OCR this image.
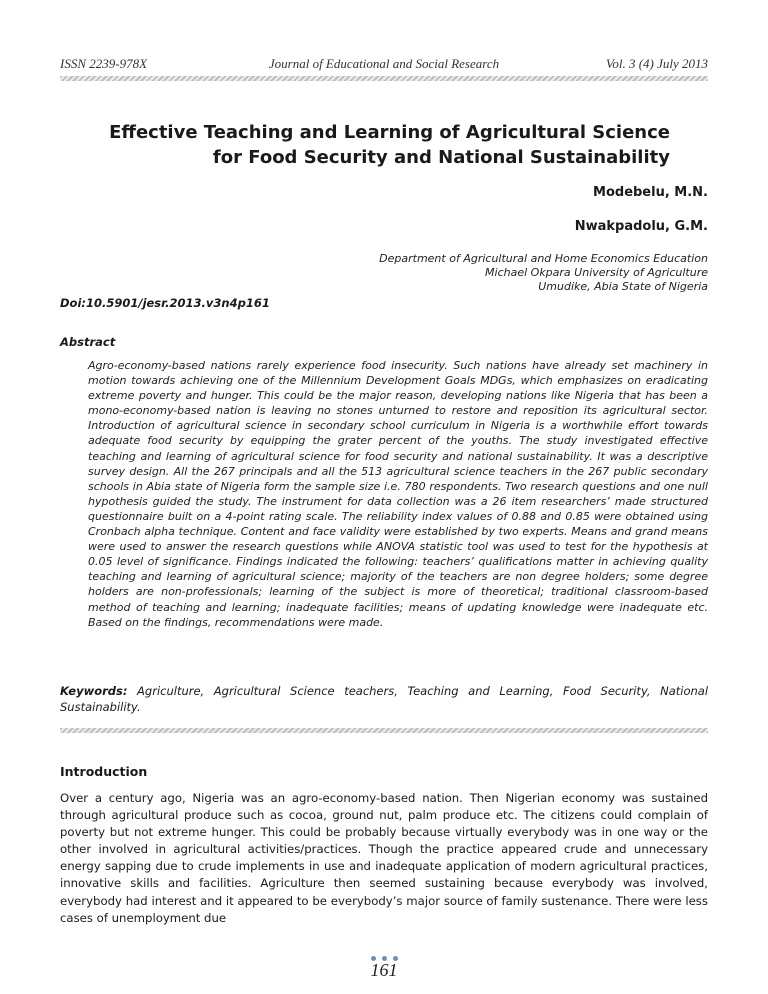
ISSN 2239-978X	Journal of Educational and Social Research	Vol. 3 (4) July 2013
Effective Teaching and Learning of Agricultural Science for Food Security and National Sustainability
Modebelu, M.N.
Nwakpadolu, G.M.
Department of Agricultural and Home Economics Education
Michael Okpara University of Agriculture
Umudike, Abia State of Nigeria
Doi:10.5901/jesr.2013.v3n4p161
Abstract
Agro-economy-based nations rarely experience food insecurity. Such nations have already set machinery in motion towards achieving one of the Millennium Development Goals MDGs, which emphasizes on eradicating extreme poverty and hunger. This could be the major reason, developing nations like Nigeria that has been a mono-economy-based nation is leaving no stones unturned to restore and reposition its agricultural sector. Introduction of agricultural science in secondary school curriculum in Nigeria is a worthwhile effort towards adequate food security by equipping the grater percent of the youths. The study investigated effective teaching and learning of agricultural science for food security and national sustainability. It was a descriptive survey design. All the 267 principals and all the 513 agricultural science teachers in the 267 public secondary schools in Abia state of Nigeria form the sample size i.e. 780 respondents. Two research questions and one null hypothesis guided the study. The instrument for data collection was a 26 item researchers’ made structured questionnaire built on a 4-point rating scale. The reliability index values of 0.88 and 0.85 were obtained using Cronbach alpha technique. Content and face validity were established by two experts. Means and grand means were used to answer the research questions while ANOVA statistic tool was used to test for the hypothesis at 0.05 level of significance. Findings indicated the following: teachers’ qualifications matter in achieving quality teaching and learning of agricultural science; majority of the teachers are non degree holders; some degree holders are non-professionals; learning of the subject is more of theoretical; traditional classroom-based method of teaching and learning; inadequate facilities; means of updating knowledge were inadequate etc. Based on the findings, recommendations were made.
Keywords: Agriculture, Agricultural Science teachers, Teaching and Learning, Food Security, National Sustainability.
Introduction
Over a century ago, Nigeria was an agro-economy-based nation. Then Nigerian economy was sustained through agricultural produce such as cocoa, ground nut, palm produce etc. The citizens could complain of poverty but not extreme hunger. This could be probably because virtually everybody was in one way or the other involved in agricultural activities/practices. Though the practice appeared crude and unnecessary energy sapping due to crude implements in use and inadequate application of modern agricultural practices, innovative skills and facilities. Agriculture then seemed sustaining because everybody was involved, everybody had interest and it appeared to be everybody’s major source of family sustenance. There were less cases of unemployment due
161
